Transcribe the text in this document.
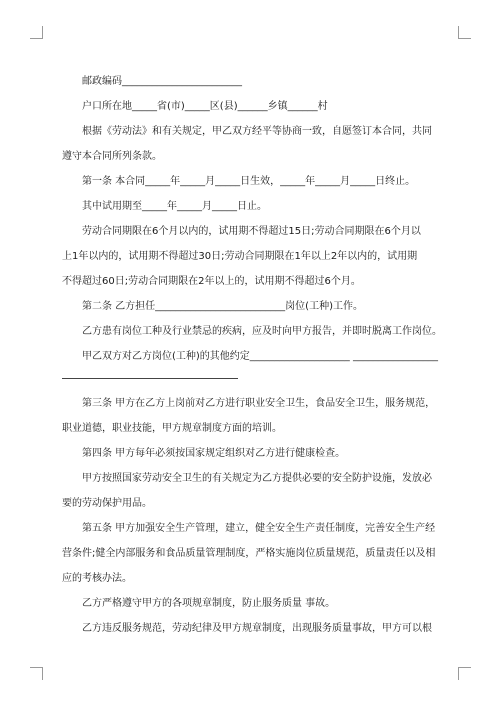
邮政编码________________________

户口所在地_____省(市)_____区(县)______乡镇______村

根据《劳动法》和有关规定，甲乙双方经平等协商一致，自愿签订本合同，共同

遵守本合同所列条款。

第一条 本合同_____年_____月_____日生效，_____年_____月_____日终止。

其中试用期至_____年_____月_____日止。

劳动合同期限在6个月以内的，试用期不得超过15日;劳动合同期限在6个月以

上1年以内的，试用期不得超过30日;劳动合同期限在1年以上2年以内的，试用期

不得超过60日;劳动合同期限在2年以上的，试用期不得超过6个月。

第二条 乙方担任__________________________岗位(工种)工作。

乙方患有岗位工种及行业禁忌的疾病，应及时向甲方报告，并即时脱离工作岗位。

甲乙双方对乙方岗位(工种)的其他约定____________________ _________________

第三条 甲方在乙方上岗前对乙方进行职业安全卫生，食品安全卫生，服务规范，

职业道德，职业技能，甲方规章制度方面的培训。

第四条 甲方每年必须按国家规定组织对乙方进行健康检查。

甲方按照国家劳动安全卫生的有关规定为乙方提供必要的安全防护设施，发放必

要的劳动保护用品。

第五条 甲方加强安全生产管理，建立，健全安全生产责任制度，完善安全生产经

营条件;健全内部服务和食品质量管理制度，严格实施岗位质量规范，质量责任以及相

应的考核办法。

乙方严格遵守甲方的各项规章制度，防止服务质量 事故。

乙方违反服务规范，劳动纪律及甲方规章制度，出现服务质量事故，甲方可以根
